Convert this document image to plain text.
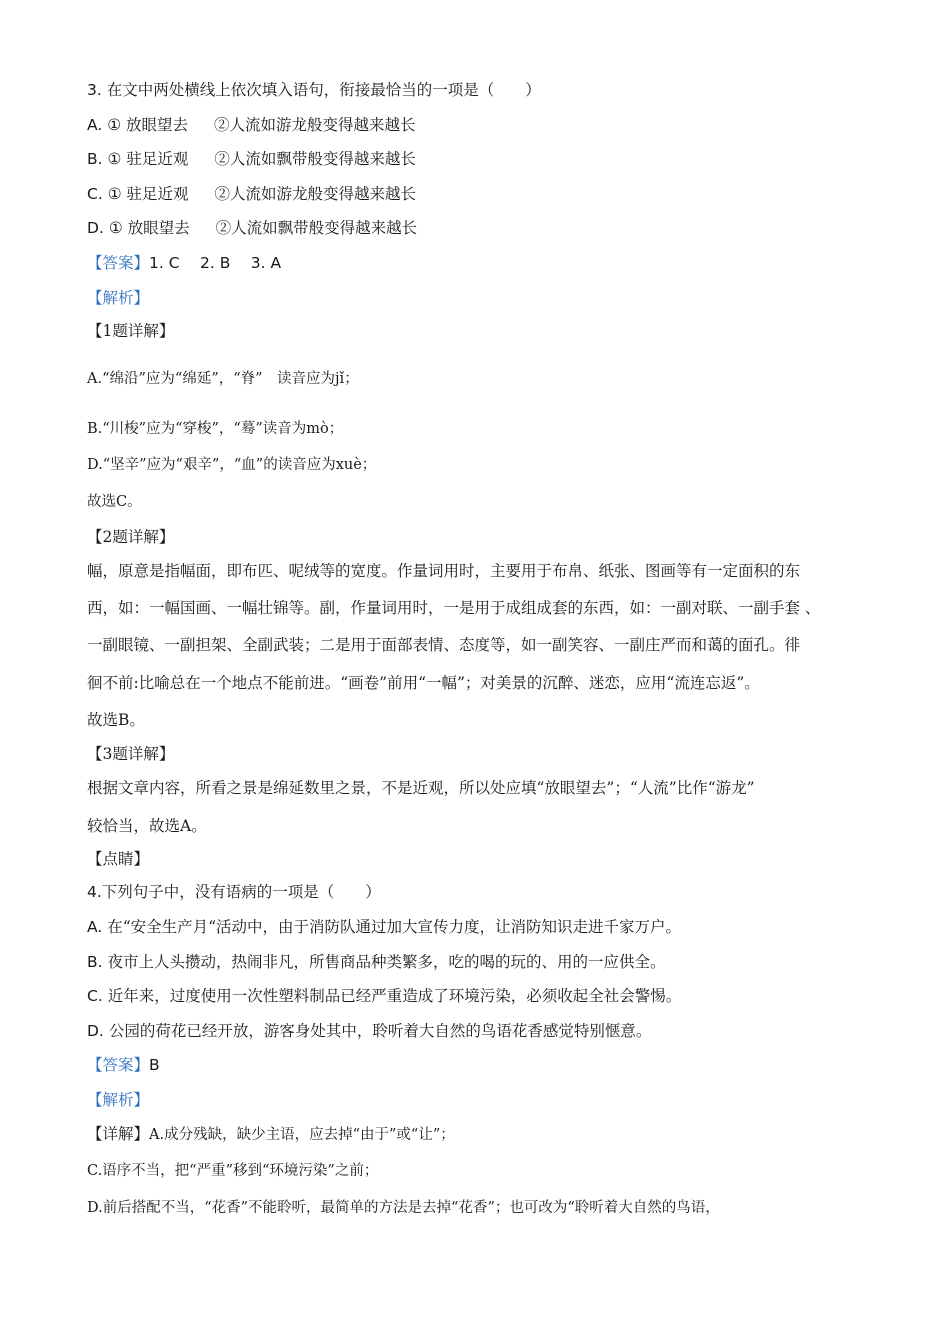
3. 在文中两处横线上依次填入语句，衔接最恰当的一项是（　　）
A. ① 放眼望去 ②人流如游龙般变得越来越长
B. ① 驻足近观 ②人流如飘带般变得越来越长
C. ① 驻足近观 ②人流如游龙般变得越来越长
D. ① 放眼望去 ②人流如飘带般变得越来越长
【答案】1. C　 2. B　 3. A
【解析】
【1题详解】
A.“绵沿”应为“绵延”，“脊”　读音应为jǐ；
B.“川梭”应为“穿梭”，“蓦”读音为mò；
D.“坚辛”应为“艰辛”，“血”的读音应为xuè；
故选C。
【2题详解】
幅，原意是指幅面，即布匹、呢绒等的宽度。作量词用时，主要用于布帛、纸张、图画等有一定面积的东
西，如：一幅国画、一幅壮锦等。副，作量词用时，一是用于成组成套的东西，如：一副对联、一副手套 、
一副眼镜、一副担架、全副武装；二是用于面部表情、态度等，如一副笑容、一副庄严而和蔼的面孔。徘
徊不前:比喻总在一个地点不能前进。“画卷”前用“一幅”；对美景的沉醉、迷恋，应用“流连忘返”。
故选B。
【3题详解】
根据文章内容，所看之景是绵延数里之景，不是近观，所以处应填“放眼望去”；“人流”比作“游龙”
较恰当，故选A。
【点睛】
4.下列句子中，没有语病的一项是（　　）
A. 在“安全生产月“活动中，由于消防队通过加大宣传力度，让消防知识走进千家万户。
B. 夜市上人头攒动，热闹非凡，所售商品种类繁多，吃的喝的玩的、用的一应供全。
C. 近年来，过度使用一次性塑料制品已经严重造成了环境污染，必须收起全社会警惕。
D. 公园的荷花已经开放，游客身处其中，聆听着大自然的鸟语花香感觉特别惬意。
【答案】B
【解析】
【详解】A.成分残缺，缺少主语，应去掉“由于”或“让”；
C.语序不当，把“严重”移到“环境污染”之前；
D.前后搭配不当，“花香”不能聆听，最简单的方法是去掉“花香”；也可改为“聆听着大自然的鸟语，
